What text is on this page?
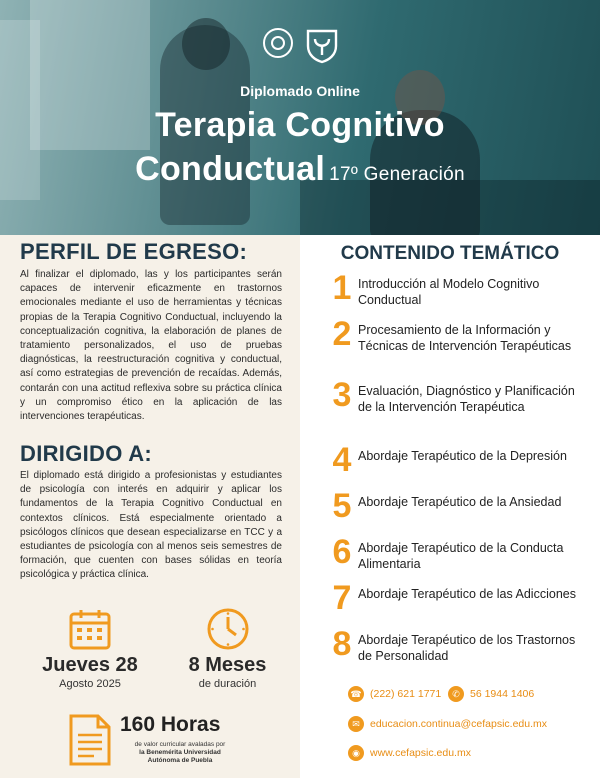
Diplomado Online
Terapia Cognitivo
Conductual 17º Generación
PERFIL DE EGRESO:
Al finalizar el diplomado, las y los participantes serán capaces de intervenir eficazmente en trastornos emocionales mediante el uso de herramientas y técnicas propias de la Terapia Cognitivo Conductual, incluyendo la conceptualización cognitiva, la elaboración de planes de tratamiento personalizados, el uso de pruebas diagnósticas, la reestructuración cognitiva y conductual, así como estrategias de prevención de recaídas. Además, contarán con una actitud reflexiva sobre su práctica clínica y un compromiso ético en la aplicación de las intervenciones terapéuticas.
DIRIGIDO A:
El diplomado está dirigido a profesionistas y estudiantes de psicología con interés en adquirir y aplicar los fundamentos de la Terapia Cognitivo Conductual en contextos clínicos. Está especialmente orientado a psicólogos clínicos que desean especializarse en TCC y a estudiantes de psicología con al menos seis semestres de formación, que cuenten con bases sólidas en teoría psicológica y práctica clínica.
Jueves 28
Agosto 2025
8 Meses
de duración
160 Horas
de valor curricular avaladas por
la Benemérita Universidad
Autónoma de Puebla
CONTENIDO TEMÁTICO
1 Introducción al Modelo Cognitivo Conductual
2 Procesamiento de la Información y Técnicas de Intervención Terapéuticas
3 Evaluación, Diagnóstico y Planificación de la Intervención Terapéutica
4 Abordaje Terapéutico de la Depresión
5 Abordaje Terapéutico de la Ansiedad
6 Abordaje Terapéutico de la Conducta Alimentaria
7 Abordaje Terapéutico de las Adicciones
8 Abordaje Terapéutico de los Trastornos de Personalidad
☎ (222) 621 1771	✆ 56 1944 1406
✉ educacion.continua@cefapsic.edu.mx
◉ www.cefapsic.edu.mx
